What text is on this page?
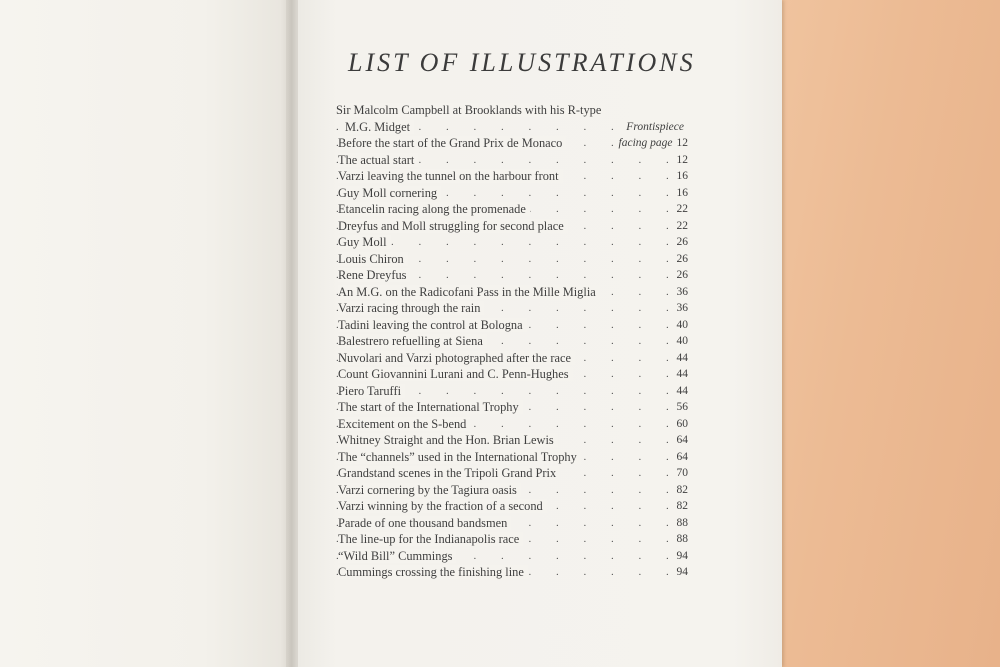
LIST OF ILLUSTRATIONS
Sir Malcolm Campbell at Brooklands with his R-type
M.G. Midget . . .	Frontispiece
Before the start of the Grand Prix de Monaco . . .	facing page 12
The actual start . . .	12
Varzi leaving the tunnel on the harbour front . . .	16
Guy Moll cornering . . .	16
Etancelin racing along the promenade . . .	22
Dreyfus and Moll struggling for second place . . .	22
Guy Moll . . .	26
Louis Chiron . . .	26
Rene Dreyfus . . .	26
An M.G. on the Radicofani Pass in the Mille Miglia . . .	36
Varzi racing through the rain . . .	36
Tadini leaving the control at Bologna . . .	40
Balestrero refuelling at Siena . . .	40
Nuvolari and Varzi photographed after the race . . .	44
Count Giovannini Lurani and C. Penn-Hughes . . .	44
Piero Taruffi . . .	44
The start of the International Trophy . . .	56
Excitement on the S-bend . . .	60
Whitney Straight and the Hon. Brian Lewis . . .	64
The “channels” used in the International Trophy . . .	64
Grandstand scenes in the Tripoli Grand Prix . . .	70
Varzi cornering by the Tagiura oasis . . .	82
Varzi winning by the fraction of a second . . .	82
Parade of one thousand bandsmen . . .	88
The line-up for the Indianapolis race . . .	88
“Wild Bill” Cummings . . .	94
Cummings crossing the finishing line . . .	94
